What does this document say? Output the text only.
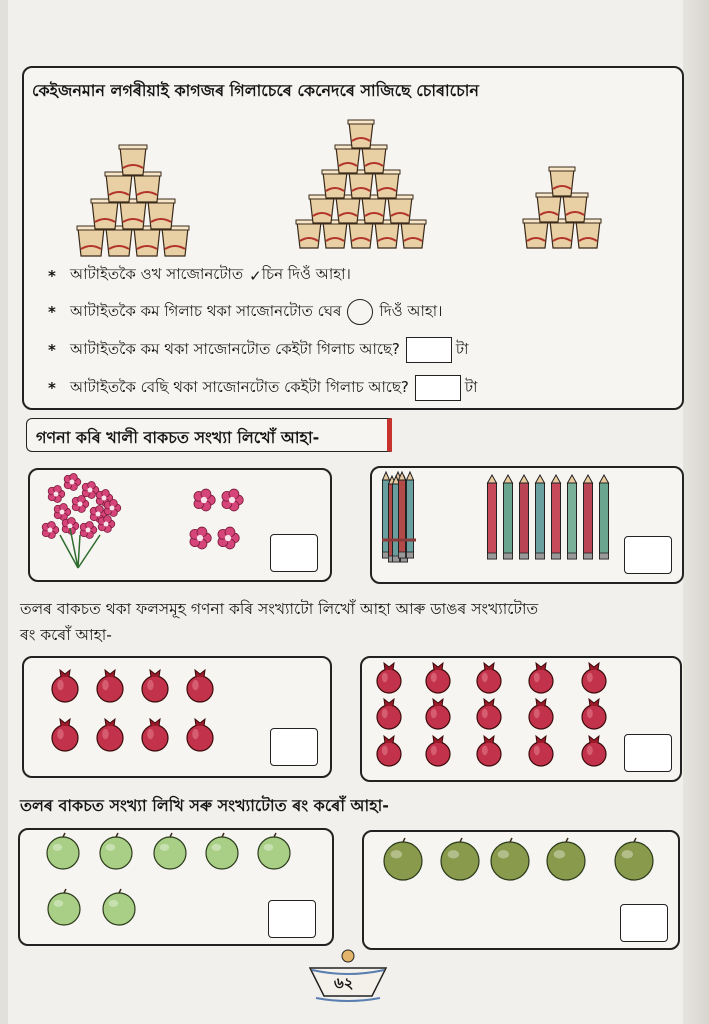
কেইজনমান লগৰীয়াই কাগজৰ গিলাচেৰে কেনেদৰে সাজিছে চোৰাচোন
* আটাইতকৈ ওখ সাজোনটোত ✓ চিন দিওঁ আহা।
* আটাইতকৈ কম গিলাচ থকা সাজোনটোত ঘেৰ	দিওঁ আহা।
* আটাইতকৈ কম থকা সাজোনটোত কেইটা গিলাচ আছে?	টা
* আটাইতকৈ বেছি থকা সাজোনটোত কেইটা গিলাচ আছে?	টা
গণনা কৰি খালী বাকচত সংখ্যা লিখোঁ আহা-
তলৰ বাকচত থকা ফলসমূহ গণনা কৰি সংখ্যাটো লিখোঁ আহা আৰু ডাঙৰ সংখ্যাটোত
ৰং কৰোঁ আহা-
তলৰ বাকচত সংখ্যা লিখি সৰু সংখ্যাটোত ৰং কৰোঁ আহা-
৬২
